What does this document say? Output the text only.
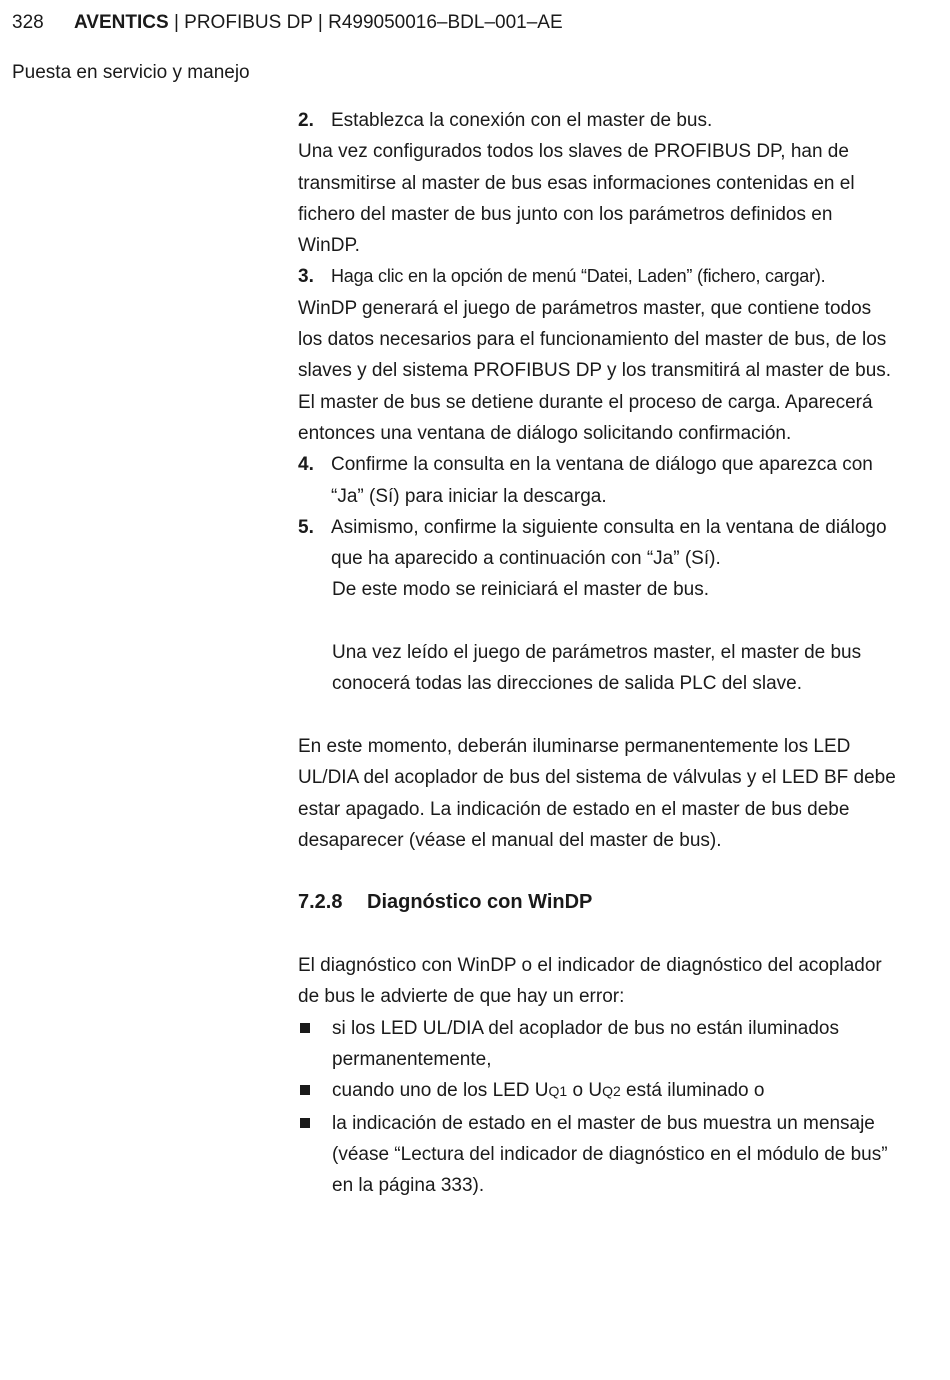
328 AVENTICS | PROFIBUS DP | R499050016–BDL–001–AE
Puesta en servicio y manejo
2. Establezca la conexión con el master de bus.

Una vez configurados todos los slaves de PROFIBUS DP, han de transmitirse al master de bus esas informaciones contenidas en el fichero del master de bus junto con los parámetros definidos en WinDP.

3. Haga clic en la opción de menú “Datei, Laden” (fichero, cargar).

WinDP generará el juego de parámetros master, que contiene todos los datos necesarios para el funcionamiento del master de bus, de los slaves y del sistema PROFIBUS DP y los transmitirá al master de bus.

El master de bus se detiene durante el proceso de carga. Aparecerá entonces una ventana de diálogo solicitando confirmación.

4. Confirme la consulta en la ventana de diálogo que aparezca con “Ja” (Sí) para iniciar la descarga.
5. Asimismo, confirme la siguiente consulta en la ventana de diálogo que ha aparecido a continuación con “Ja” (Sí).

De este modo se reiniciará el master de bus.

Una vez leído el juego de parámetros master, el master de bus conocerá todas las direcciones de salida PLC del slave.

En este momento, deberán iluminarse permanentemente los LED UL/DIA del acoplador de bus del sistema de válvulas y el LED BF debe estar apagado. La indicación de estado en el master de bus debe desaparecer (véase el manual del master de bus).

7.2.8 Diagnóstico con WinDP

El diagnóstico con WinDP o el indicador de diagnóstico del acoplador de bus le advierte de que hay un error:

si los LED UL/DIA del acoplador de bus no están iluminados permanentemente,
cuando uno de los LED UQ1 o UQ2 está iluminado o
la indicación de estado en el master de bus muestra un mensaje (véase “Lectura del indicador de diagnóstico en el módulo de bus” en la página 333).
